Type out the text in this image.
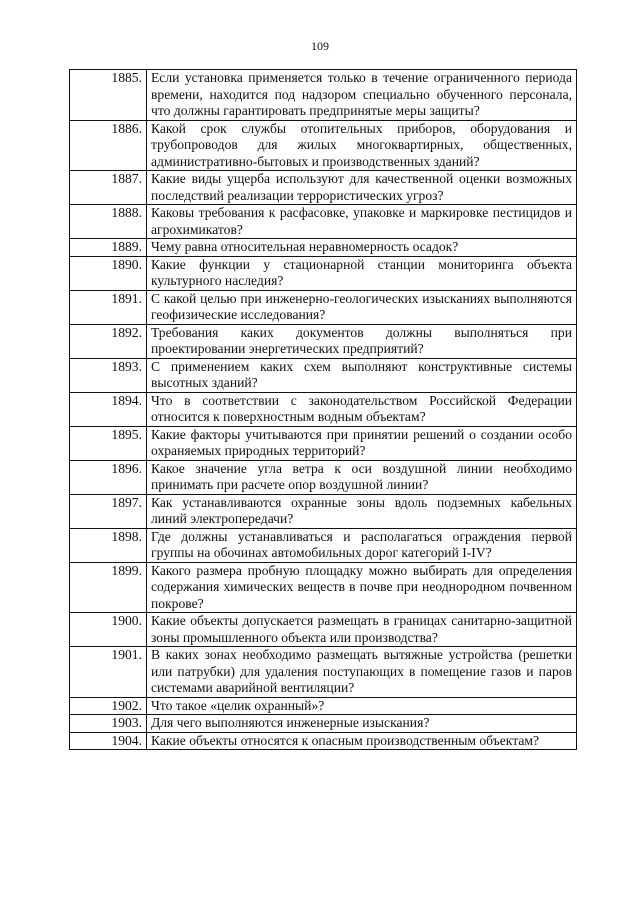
109
1885.	Если установка применяется только в течение ограниченного периода времени, находится под надзором специально обученного персонала, что должны гарантировать предпринятые меры защиты?
1886.	Какой срок службы отопительных приборов, оборудования и трубопроводов для жилых многоквартирных, общественных, административно-бытовых и производственных зданий?
1887.	Какие виды ущерба используют для качественной оценки возможных последствий реализации террористических угроз?
1888.	Каковы требования к расфасовке, упаковке и маркировке пестицидов и агрохимикатов?
1889.	Чему равна относительная неравномерность осадок?
1890.	Какие функции у стационарной станции мониторинга объекта культурного наследия?
1891.	С какой целью при инженерно-геологических изысканиях выполняются геофизические исследования?
1892.	Требования каких документов должны выполняться при проектировании энергетических предприятий?
1893.	С применением каких схем выполняют конструктивные системы высотных зданий?
1894.	Что в соответствии с законодательством Российской Федерации относится к поверхностным водным объектам?
1895.	Какие факторы учитываются при принятии решений о создании особо охраняемых природных территорий?
1896.	Какое значение угла ветра к оси воздушной линии необходимо принимать при расчете опор воздушной линии?
1897.	Как устанавливаются охранные зоны вдоль подземных кабельных линий электропередачи?
1898.	Где должны устанавливаться и располагаться ограждения первой группы на обочинах автомобильных дорог категорий I-IV?
1899.	Какого размера пробную площадку можно выбирать для определения содержания химических веществ в почве при неоднородном почвенном покрове?
1900.	Какие объекты допускается размещать в границах санитарно-защитной зоны промышленного объекта или производства?
1901.	В каких зонах необходимо размещать вытяжные устройства (решетки или патрубки) для удаления поступающих в помещение газов и паров системами аварийной вентиляции?
1902.	Что такое «целик охранный»?
1903.	Для чего выполняются инженерные изыскания?
1904.	Какие объекты относятся к опасным производственным объектам?
